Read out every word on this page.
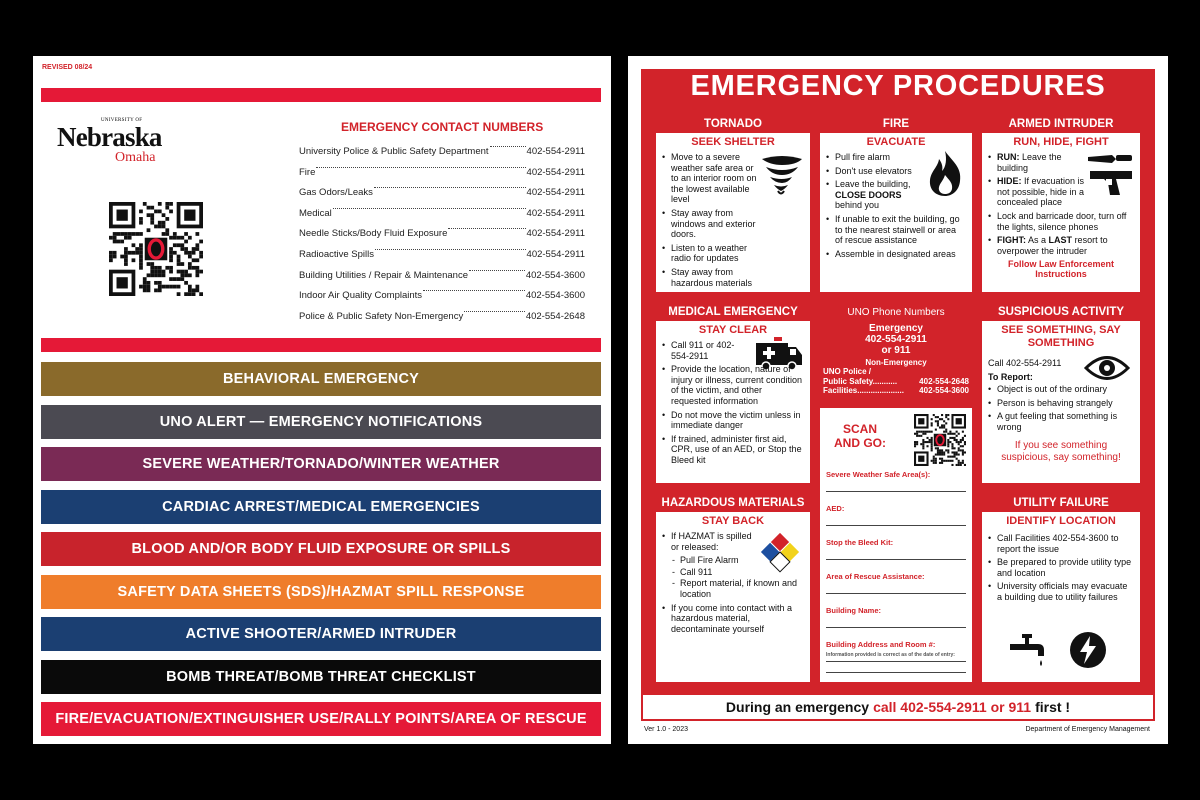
REVISED 08/24
UNIVERSITY OF
Nebraska
Omaha
EMERGENCY CONTACT NUMBERS
University Police & Public Safety Department	402-554-2911
Fire	402-554-2911
Gas Odors/Leaks	402-554-2911
Medical	402-554-2911
Needle Sticks/Body Fluid Exposure	402-554-2911
Radioactive Spills	402-554-2911
Building Utilities / Repair & Maintenance	402-554-3600
Indoor Air Quality Complaints	402-554-3600
Police & Public Safety Non-Emergency	402-554-2648
BEHAVIORAL EMERGENCY
UNO ALERT — EMERGENCY NOTIFICATIONS
SEVERE WEATHER/TORNADO/WINTER WEATHER
CARDIAC ARREST/MEDICAL EMERGENCIES
BLOOD AND/OR BODY FLUID EXPOSURE OR SPILLS
SAFETY DATA SHEETS (SDS)/HAZMAT SPILL RESPONSE
ACTIVE SHOOTER/ARMED INTRUDER
BOMB THREAT/BOMB THREAT CHECKLIST
FIRE/EVACUATION/EXTINGUISHER USE/RALLY POINTS/AREA OF RESCUE
EMERGENCY PROCEDURES
TORNADO
SEEK SHELTER
• Move to a severe weather safe area or to an interior room on the lowest available level
• Stay away from windows and exterior doors.
• Listen to a weather radio for updates
• Stay away from hazardous materials
FIRE
EVACUATE
• Pull fire alarm
• Don't use elevators
• Leave the building, CLOSE DOORS behind you
• If unable to exit the building, go to the nearest stairwell or area of rescue assistance
• Assemble in designated areas
ARMED INTRUDER
RUN, HIDE, FIGHT
• RUN: Leave the building
• HIDE: If evacuation is not possible, hide in a concealed place
• Lock and barricade door, turn off the lights, silence phones
• FIGHT: As a LAST resort to overpower the intruder
Follow Law Enforcement Instructions
MEDICAL EMERGENCY
STAY CLEAR
• Call 911 or 402-554-2911
• Provide the location, nature of injury or illness, current condition of the victim, and other requested information
• Do not move the victim unless in immediate danger
• If trained, administer first aid, CPR, use of an AED, or Stop the Bleed kit
UNO Phone Numbers
Emergency
402-554-2911
or 911
Non-Emergency
UNO Police /
Public Safety...........	402-554-2648
Facilities..................... 402-554-3600
SCAN
AND GO:
Severe Weather Safe Area(s):
AED:
Stop the Bleed Kit:
Area of Rescue Assistance:
Building Name:
Building Address and Room #:
Information provided is correct as of the date of entry:
SUSPICIOUS ACTIVITY
SEE SOMETHING, SAY SOMETHING

Call 402-554-2911

To Report:

• Object is out of the ordinary
• Person is behaving strangely
• A gut feeling that something is wrong
If you see something suspicious, say something!
HAZARDOUS MATERIALS
STAY BACK
• If HAZMAT is spilled or released:
- Pull Fire Alarm
- Call 911
- Report material, if known and location
• If you come into contact with a hazardous material, decontaminate yourself
UTILITY FAILURE
IDENTIFY LOCATION
• Call Facilities 402-554-3600 to report the issue
• Be prepared to provide utility type and location
• University officials may evacuate a building due to utility failures
During an emergency call 402-554-2911 or 911 first !
Ver 1.0 - 2023	Department of Emergency Management
